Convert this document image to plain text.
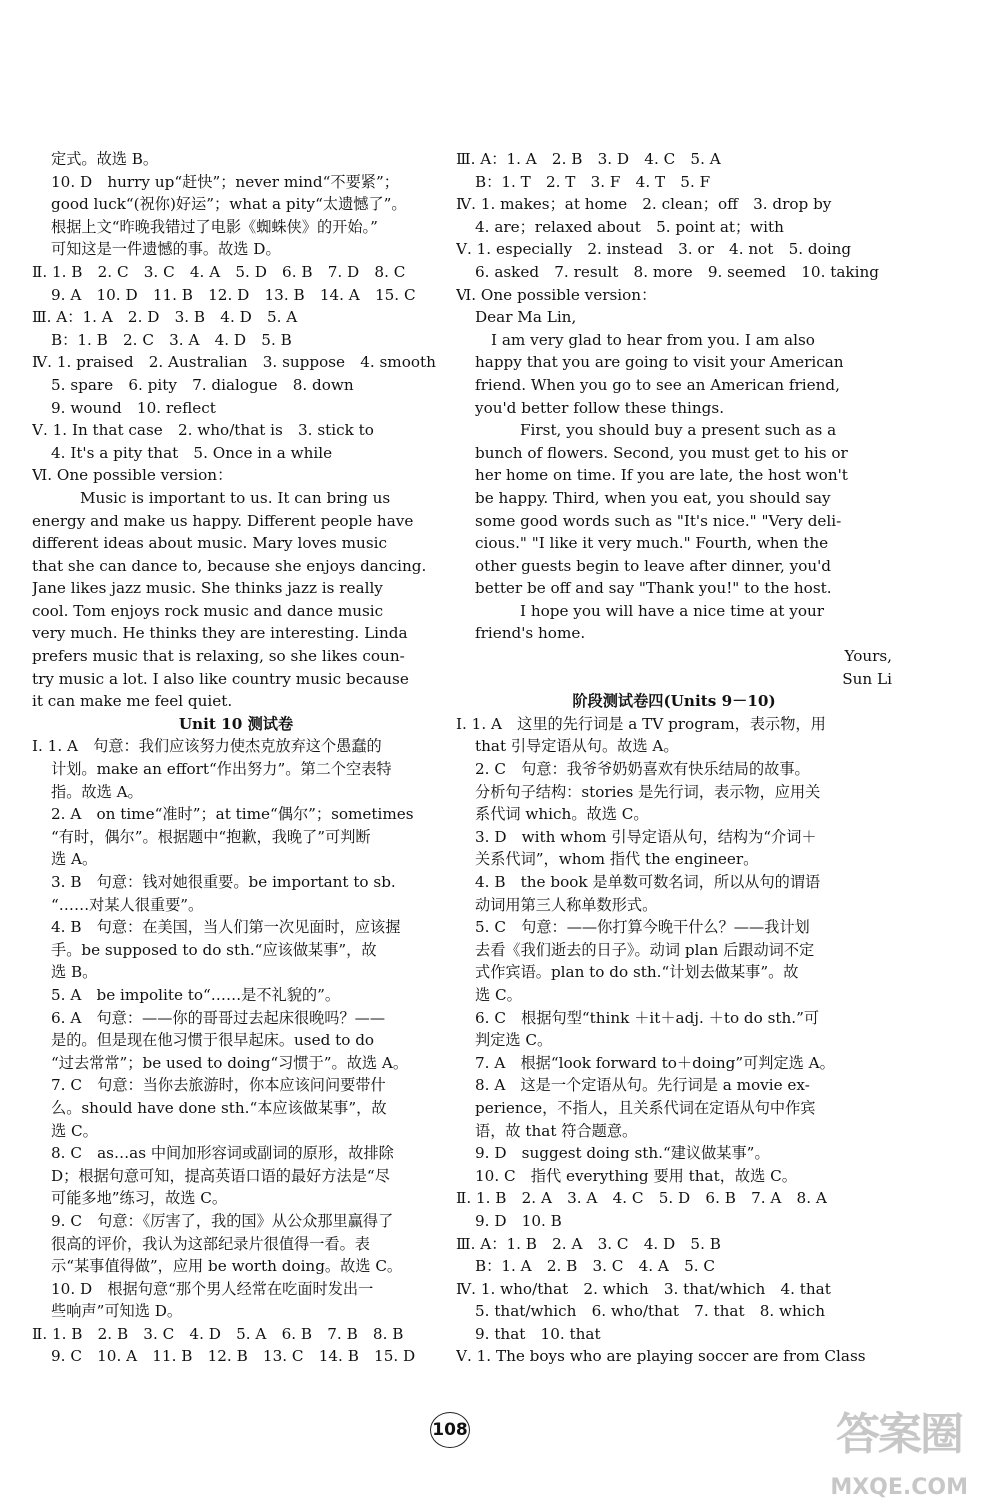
定式。故选 B。
10. D　hurry up“赶快”；never mind“不要紧”；
good luck“(祝你)好运”；what a pity“太遗憾了”。
根据上文“昨晚我错过了电影《蜘蛛侠》的开始。”
可知这是一件遗憾的事。故选 D。
Ⅱ. 1. B　2. C　3. C　4. A　5. D　6. B　7. D　8. C
9. A　10. D　11. B　12. D　13. B　14. A　15. C
Ⅲ. A：1. A　2. D　3. B　4. D　5. A
B：1. B　2. C　3. A　4. D　5. B
Ⅳ. 1. praised　2. Australian　3. suppose　4. smooth
5. spare　6. pity　7. dialogue　8. down
9. wound　10. reflect
Ⅴ. 1. In that case　2. who/that is　3. stick to
4. It's a pity that　5. Once in a while
Ⅵ. One possible version：
Music is important to us. It can bring us
energy and make us happy. Different people have
different ideas about music. Mary loves music
that she can dance to, because she enjoys dancing.
Jane likes jazz music. She thinks jazz is really
cool. Tom enjoys rock music and dance music
very much. He thinks they are interesting. Linda
prefers music that is relaxing, so she likes coun-
try music a lot. I also like country music because
it can make me feel quiet.
Unit 10 测试卷
Ⅰ. 1. A　句意：我们应该努力使杰克放弃这个愚蠢的
计划。make an effort“作出努力”。第二个空表特
指。故选 A。
2. A　on time“准时”；at time“偶尔”；sometimes
“有时，偶尔”。根据题中“抱歉，我晚了”可判断
选 A。
3. B　句意：钱对她很重要。be important to sb.
“……对某人很重要”。
4. B　句意：在美国，当人们第一次见面时，应该握
手。be supposed to do sth.“应该做某事”，故
选 B。
5. A　be impolite to“……是不礼貌的”。
6. A　句意：——你的哥哥过去起床很晚吗？——
是的。但是现在他习惯于很早起床。used to do
“过去常常”；be used to doing“习惯于”。故选 A。
7. C　句意：当你去旅游时，你本应该问问要带什
么。should have done sth.“本应该做某事”，故
选 C。
8. C　as…as 中间加形容词或副词的原形，故排除
D；根据句意可知，提高英语口语的最好方法是“尽
可能多地”练习，故选 C。
9. C　句意：《厉害了，我的国》从公众那里赢得了
很高的评价，我认为这部纪录片很值得一看。表
示“某事值得做”，应用 be worth doing。故选 C。
10. D　根据句意“那个男人经常在吃面时发出一
些响声”可知选 D。
Ⅱ. 1. B　2. B　3. C　4. D　5. A　6. B　7. B　8. B
9. C　10. A　11. B　12. B　13. C　14. B　15. D
Ⅲ. A：1. A　2. B　3. D　4. C　5. A
B：1. T　2. T　3. F　4. T　5. F
Ⅳ. 1. makes；at home　2. clean；off　3. drop by
4. are；relaxed about　5. point at；with
Ⅴ. 1. especially　2. instead　3. or　4. not　5. doing
6. asked　7. result　8. more　9. seemed　10. taking
Ⅵ. One possible version：
Dear Ma Lin,
I am very glad to hear from you. I am also
happy that you are going to visit your American
friend. When you go to see an American friend,
you'd better follow these things.
First, you should buy a present such as a
bunch of flowers. Second, you must get to his or
her home on time. If you are late, the host won't
be happy. Third, when you eat, you should say
some good words such as "It's nice." "Very deli-
cious." "I like it very much." Fourth, when the
other guests begin to leave after dinner, you'd
better be off and say "Thank you!" to the host.
I hope you will have a nice time at your
friend's home.
Yours,
Sun Li
阶段测试卷四(Units 9－10)
Ⅰ. 1. A　这里的先行词是 a TV program，表示物，用
that 引导定语从句。故选 A。
2. C　句意：我爷爷奶奶喜欢有快乐结局的故事。
分析句子结构：stories 是先行词，表示物，应用关
系代词 which。故选 C。
3. D　with whom 引导定语从句，结构为“介词＋
关系代词”，whom 指代 the engineer。
4. B　the book 是单数可数名词，所以从句的谓语
动词用第三人称单数形式。
5. C　句意：——你打算今晚干什么？——我计划
去看《我们逝去的日子》。动词 plan 后跟动词不定
式作宾语。plan to do sth.“计划去做某事”。故
选 C。
6. C　根据句型“think ＋it＋adj. ＋to do sth.”可
判定选 C。
7. A　根据“look forward to＋doing”可判定选 A。
8. A　这是一个定语从句。先行词是 a movie ex-
perience，不指人，且关系代词在定语从句中作宾
语，故 that 符合题意。
9. D　suggest doing sth.“建议做某事”。
10. C　指代 everything 要用 that，故选 C。
Ⅱ. 1. B　2. A　3. A　4. C　5. D　6. B　7. A　8. A
9. D　10. B
Ⅲ. A：1. B　2. A　3. C　4. D　5. B
B：1. A　2. B　3. C　4. A　5. C
Ⅳ. 1. who/that　2. which　3. that/which　4. that
5. that/which　6. who/that　7. that　8. which
9. that　10. that
Ⅴ. 1. The boys who are playing soccer are from Class
108	答案圈
MXQE.COM
